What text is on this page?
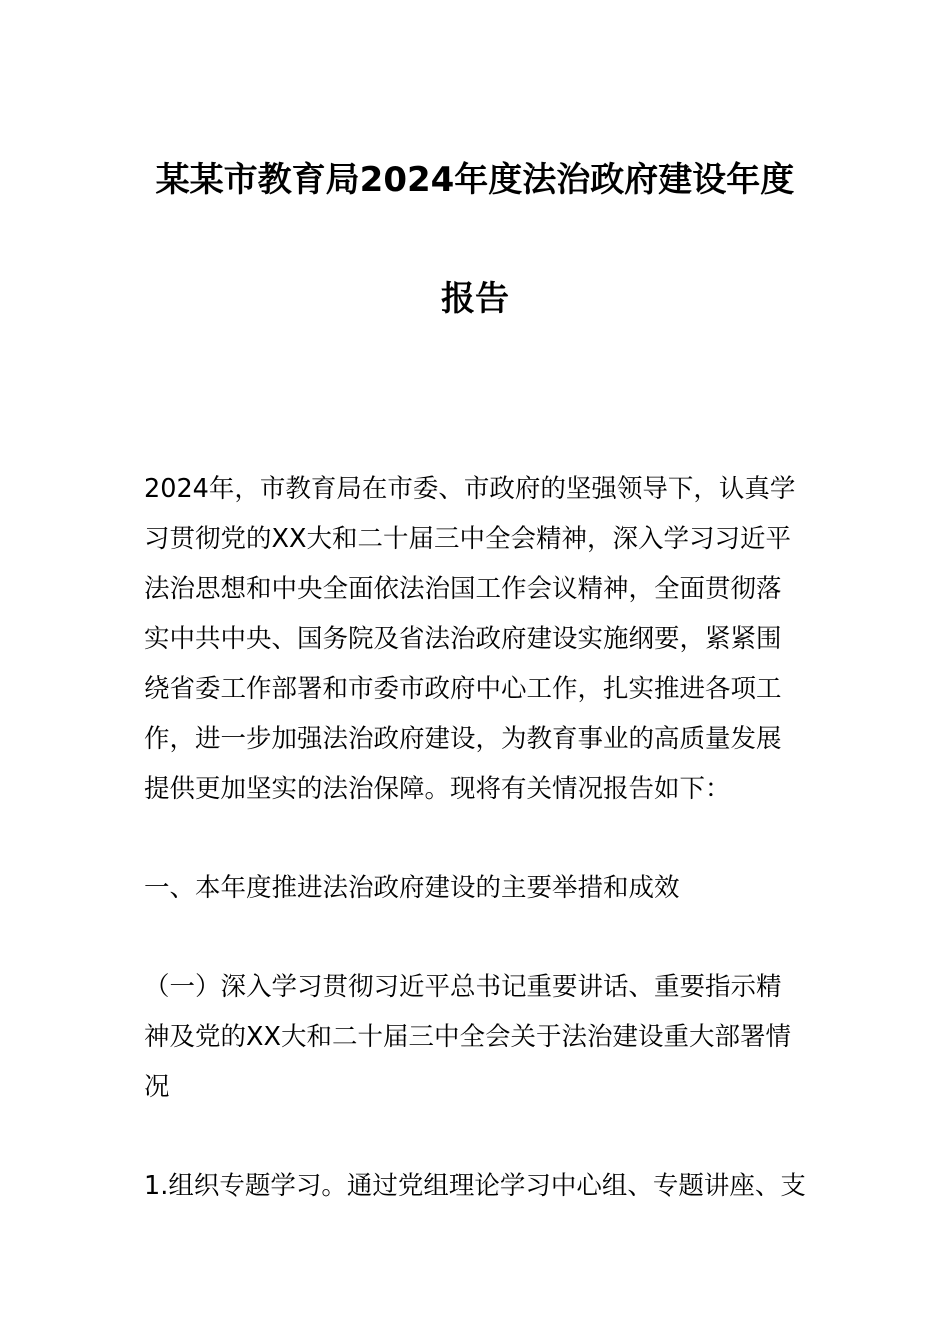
某某市教育局2024年度法治政府建设年度
报告
2024年，市教育局在市委、市政府的坚强领导下，认真学
习贯彻党的XX大和二十届三中全会精神，深入学习习近平
法治思想和中央全面依法治国工作会议精神，全面贯彻落
实中共中央、国务院及省法治政府建设实施纲要，紧紧围
绕省委工作部署和市委市政府中心工作，扎实推进各项工
作，进一步加强法治政府建设，为教育事业的高质量发展
提供更加坚实的法治保障。现将有关情况报告如下：
一、本年度推进法治政府建设的主要举措和成效
（一）深入学习贯彻习近平总书记重要讲话、重要指示精
神及党的XX大和二十届三中全会关于法治建设重大部署情
况
1.组织专题学习。通过党组理论学习中心组、专题讲座、支
